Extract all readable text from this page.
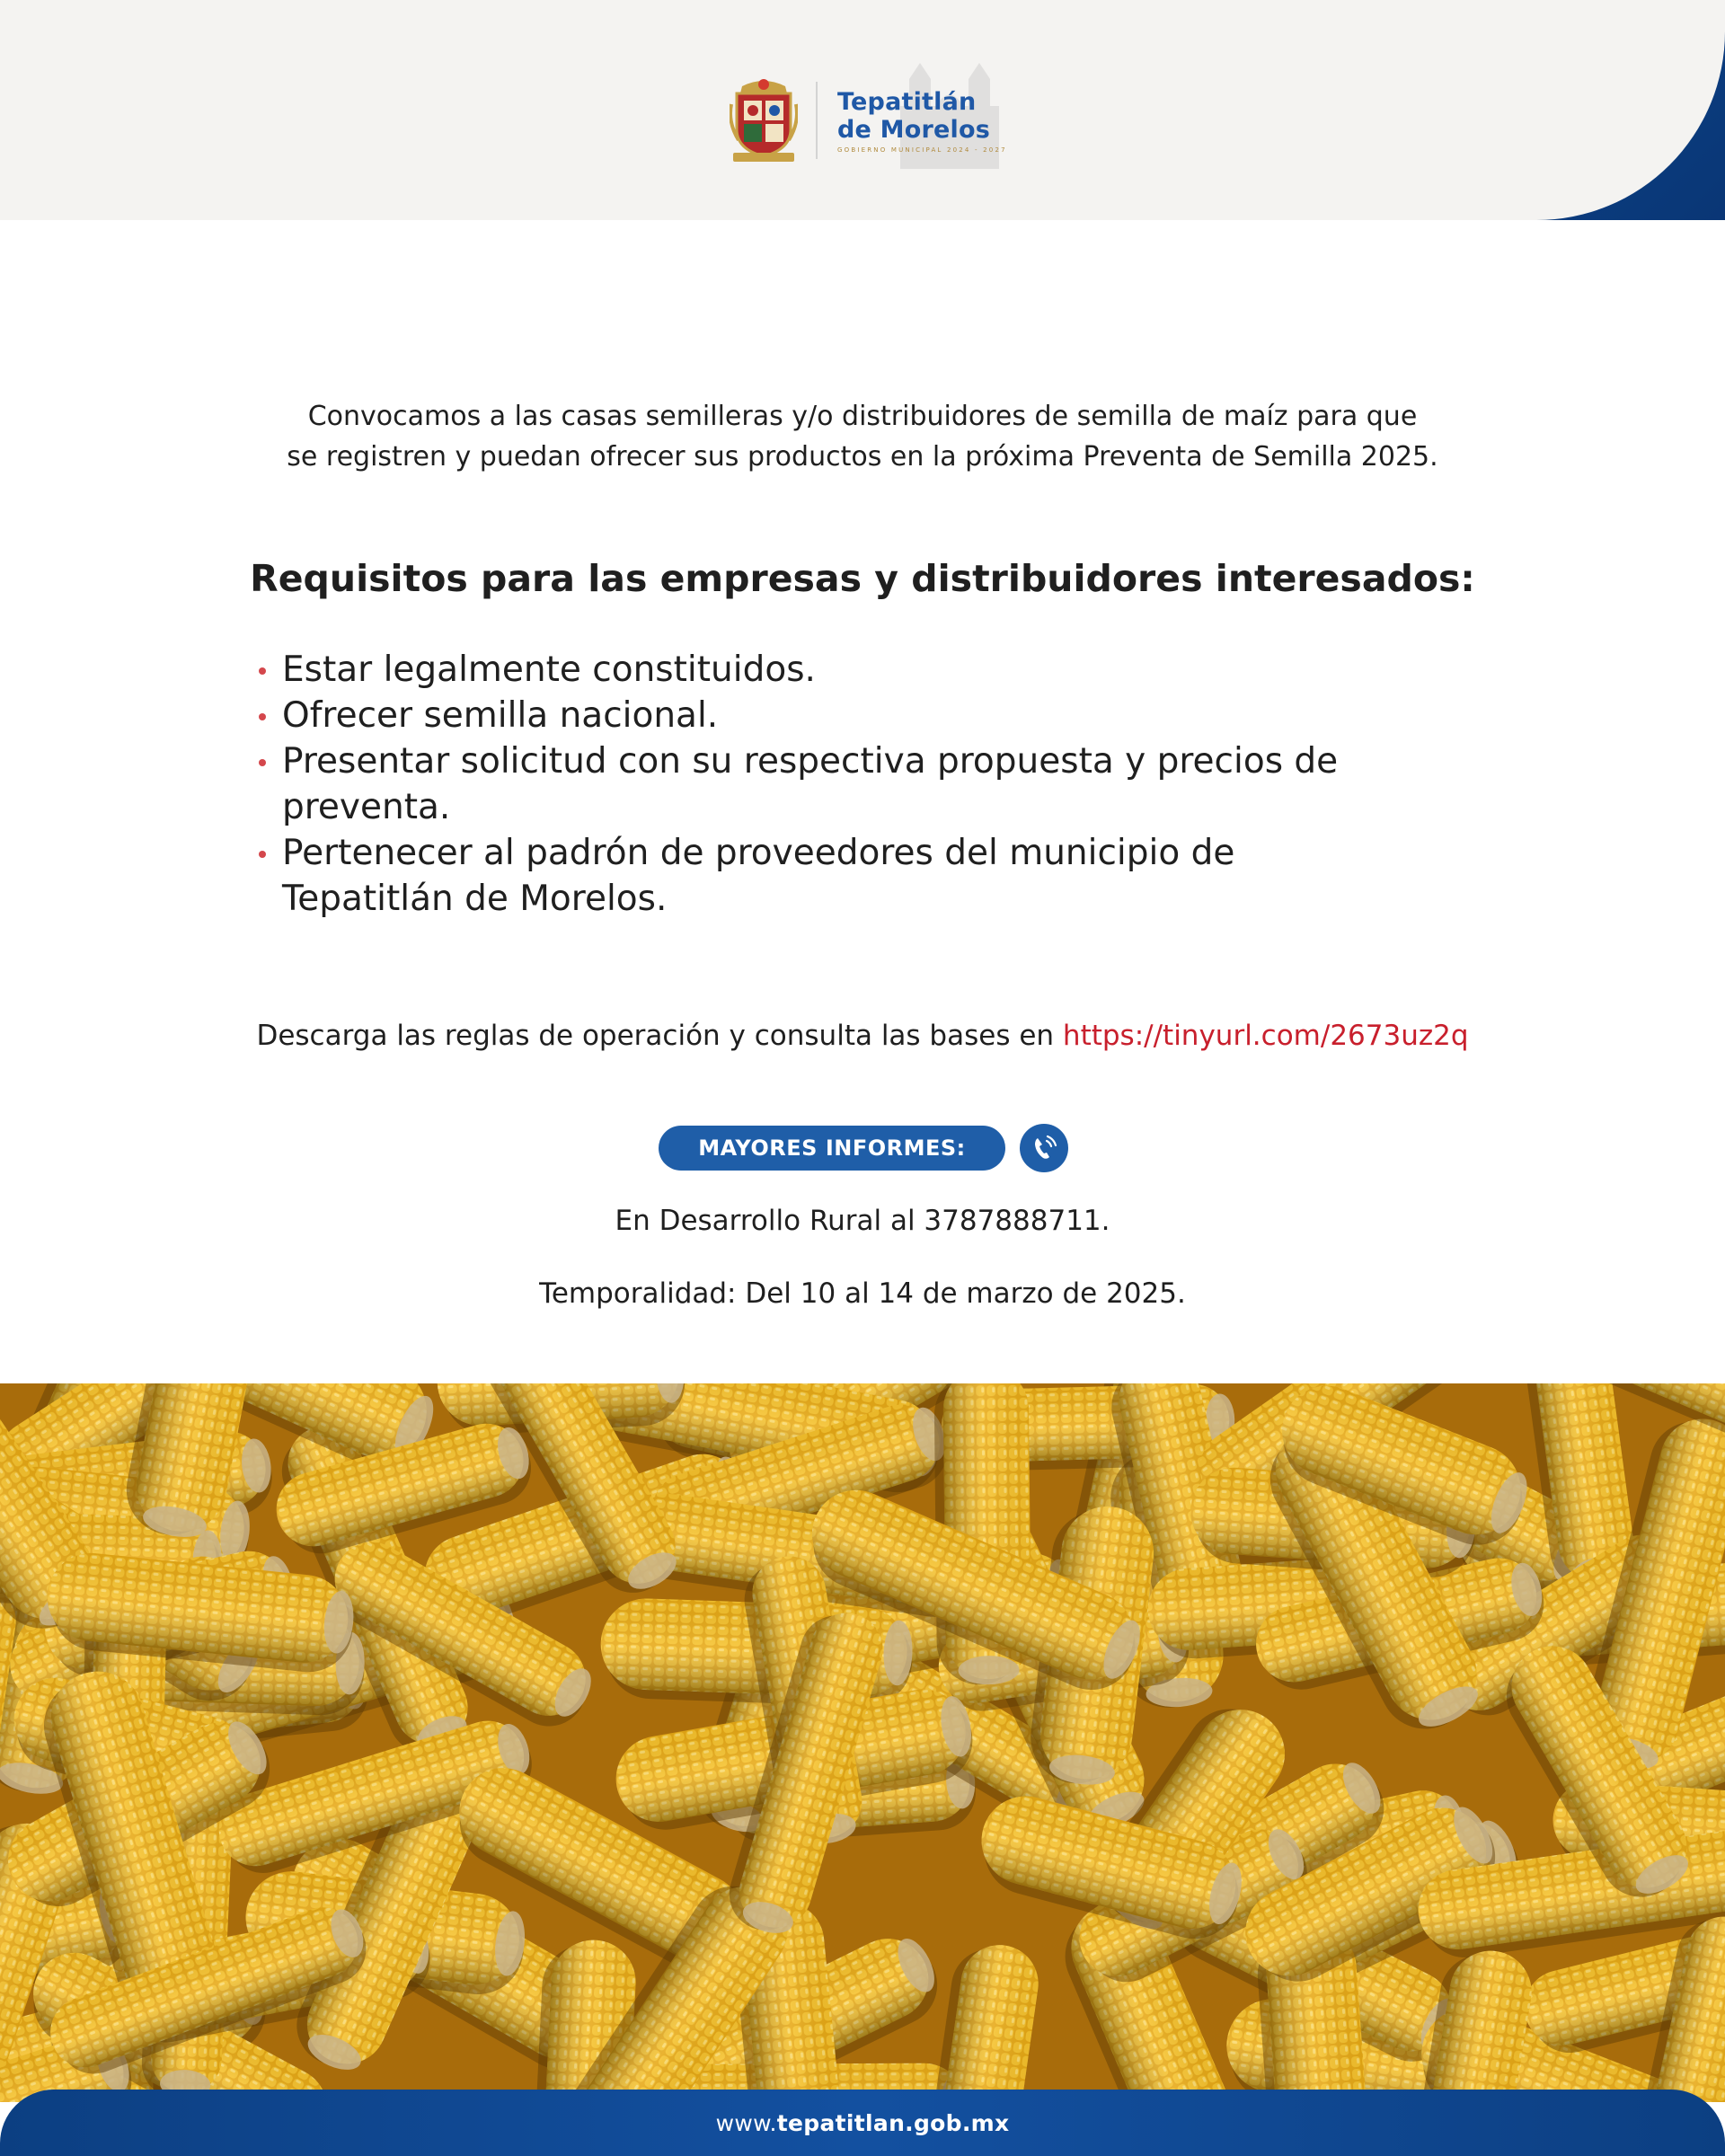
Tepatitlán
de Morelos
GOBIERNO MUNICIPAL 2024 - 2027

Convocamos a las casas semilleras y/o distribuidores de semilla de maíz para que
se registren y puedan ofrecer sus productos en la próxima Preventa de Semilla 2025.

Requisitos para las empresas y distribuidores interesados:
Estar legalmente constituidos.
Ofrecer semilla nacional.
Presentar solicitud con su respectiva propuesta y precios de preventa.
Pertenecer al padrón de proveedores del municipio de Tepatitlán de Morelos.

Descarga las reglas de operación y consulta las bases en https://tinyurl.com/2673uz2q

MAYORES INFORMES:

En Desarrollo Rural al 3787888711.

Temporalidad: Del 10 al 14 de marzo de 2025.

www.tepatitlan.gob.mx
